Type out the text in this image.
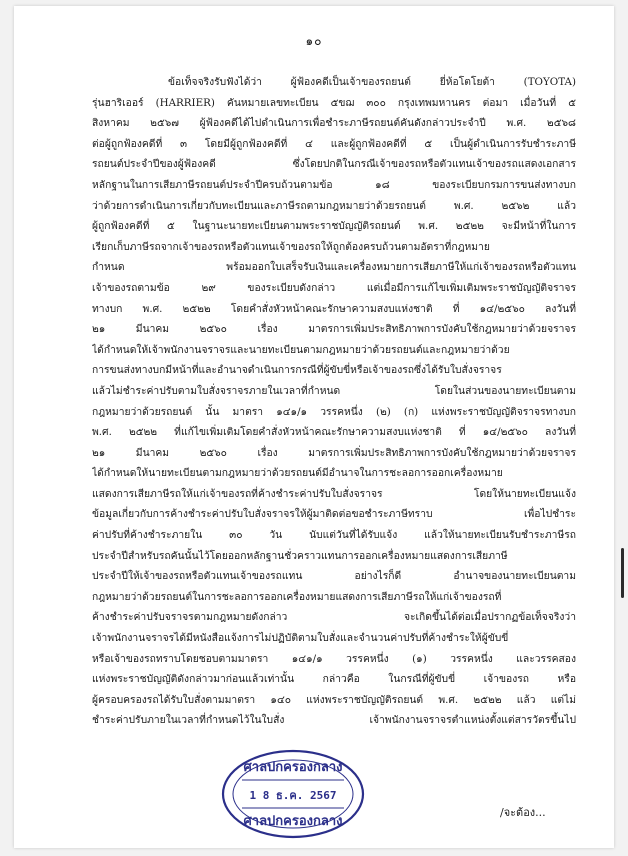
๑๐
ข้อเท็จจริงรับฟังได้ว่า ผู้ฟ้องคดีเป็นเจ้าของรถยนต์ ยี่ห้อโตโยต้า (TOYOTA)
รุ่นฮาริเออร์ (HARRIER) คันหมายเลขทะเบียน ๕ขฌ ๓๐๐ กรุงเทพมหานคร ต่อมา เมื่อวันที่ ๕
สิงหาคม ๒๕๖๗ ผู้ฟ้องคดีได้ไปดำเนินการเพื่อชำระภาษีรถยนต์คันดังกล่าวประจำปี พ.ศ. ๒๕๖๘
ต่อผู้ถูกฟ้องคดีที่ ๓ โดยมีผู้ถูกฟ้องคดีที่ ๔ และผู้ถูกฟ้องคดีที่ ๕ เป็นผู้ดำเนินการรับชำระภาษี
รถยนต์ประจำปีของผู้ฟ้องคดี ซึ่งโดยปกติในกรณีเจ้าของรถหรือตัวแทนเจ้าของรถแสดงเอกสาร
หลักฐานในการเสียภาษีรถยนต์ประจำปีครบถ้วนตามข้อ ๑๘ ของระเบียบกรมการขนส่งทางบก
ว่าด้วยการดำเนินการเกี่ยวกับทะเบียนและภาษีรถตามกฎหมายว่าด้วยรถยนต์ พ.ศ. ๒๕๖๒ แล้ว
ผู้ถูกฟ้องคดีที่ ๕ ในฐานะนายทะเบียนตามพระราชบัญญัติรถยนต์ พ.ศ. ๒๕๒๒ จะมีหน้าที่ในการ
เรียกเก็บภาษีรถจากเจ้าของรถหรือตัวแทนเจ้าของรถให้ถูกต้องครบถ้วนตามอัตราที่กฎหมาย
กำหนด พร้อมออกใบเสร็จรับเงินและเครื่องหมายการเสียภาษีให้แก่เจ้าของรถหรือตัวแทน
เจ้าของรถตามข้อ ๒๙ ของระเบียบดังกล่าว แต่เมื่อมีการแก้ไขเพิ่มเติมพระราชบัญญัติจราจร
ทางบก พ.ศ. ๒๕๒๒ โดยคำสั่งหัวหน้าคณะรักษาความสงบแห่งชาติ ที่ ๑๔/๒๕๖๐ ลงวันที่
๒๑ มีนาคม ๒๕๖๐ เรื่อง มาตรการเพิ่มประสิทธิภาพการบังคับใช้กฎหมายว่าด้วยจราจร
ได้กำหนดให้เจ้าพนักงานจราจรและนายทะเบียนตามกฎหมายว่าด้วยรถยนต์และกฎหมายว่าด้วย
การขนส่งทางบกมีหน้าที่และอำนาจดำเนินการกรณีที่ผู้ขับขี่หรือเจ้าของรถซึ่งได้รับใบสั่งจราจร
แล้วไม่ชำระค่าปรับตามใบสั่งจราจรภายในเวลาที่กำหนด โดยในส่วนของนายทะเบียนตาม
กฎหมายว่าด้วยรถยนต์ นั้น มาตรา ๑๔๑/๑ วรรคหนึ่ง (๒) (ก) แห่งพระราชบัญญัติจราจรทางบก
พ.ศ. ๒๕๒๒ ที่แก้ไขเพิ่มเติมโดยคำสั่งหัวหน้าคณะรักษาความสงบแห่งชาติ ที่ ๑๔/๒๕๖๐ ลงวันที่
๒๑ มีนาคม ๒๕๖๐ เรื่อง มาตรการเพิ่มประสิทธิภาพการบังคับใช้กฎหมายว่าด้วยจราจร
ได้กำหนดให้นายทะเบียนตามกฎหมายว่าด้วยรถยนต์มีอำนาจในการชะลอการออกเครื่องหมาย
แสดงการเสียภาษีรถให้แก่เจ้าของรถที่ค้างชำระค่าปรับใบสั่งจราจร โดยให้นายทะเบียนแจ้ง
ข้อมูลเกี่ยวกับการค้างชำระค่าปรับใบสั่งจราจรให้ผู้มาติดต่อขอชำระภาษีทราบ เพื่อไปชำระ
ค่าปรับที่ค้างชำระภายใน ๓๐ วัน นับแต่วันที่ได้รับแจ้ง แล้วให้นายทะเบียนรับชำระภาษีรถ
ประจำปีสำหรับรถคันนั้นไว้โดยออกหลักฐานชั่วคราวแทนการออกเครื่องหมายแสดงการเสียภาษี
ประจำปีให้เจ้าของรถหรือตัวแทนเจ้าของรถแทน อย่างไรก็ดี อำนาจของนายทะเบียนตาม
กฎหมายว่าด้วยรถยนต์ในการชะลอการออกเครื่องหมายแสดงการเสียภาษีรถให้แก่เจ้าของรถที่
ค้างชำระค่าปรับจราจรตามกฎหมายดังกล่าว จะเกิดขึ้นได้ต่อเมื่อปรากฏข้อเท็จจริงว่า
เจ้าพนักงานจราจรได้มีหนังสือแจ้งการไม่ปฏิบัติตามใบสั่งและจำนวนค่าปรับที่ค้างชำระให้ผู้ขับขี่
หรือเจ้าของรถทราบโดยชอบตามมาตรา ๑๔๑/๑ วรรคหนึ่ง (๑) วรรคหนึ่ง และวรรคสอง
แห่งพระราชบัญญัติดังกล่าวมาก่อนแล้วเท่านั้น กล่าวคือ ในกรณีที่ผู้ขับขี่ เจ้าของรถ หรือ
ผู้ครอบครองรถได้รับใบสั่งตามมาตรา ๑๔๐ แห่งพระราชบัญญัติรถยนต์ พ.ศ. ๒๕๒๒ แล้ว แต่ไม่
ชำระค่าปรับภายในเวลาที่กำหนดไว้ในใบสั่ง เจ้าพนักงานจราจรตำแหน่งตั้งแต่สารวัตรขึ้นไป
ศาลปกครองกลาง
1 8 ธ.ค. 2567
ศาลปกครองกลาง
/จะต้อง...
